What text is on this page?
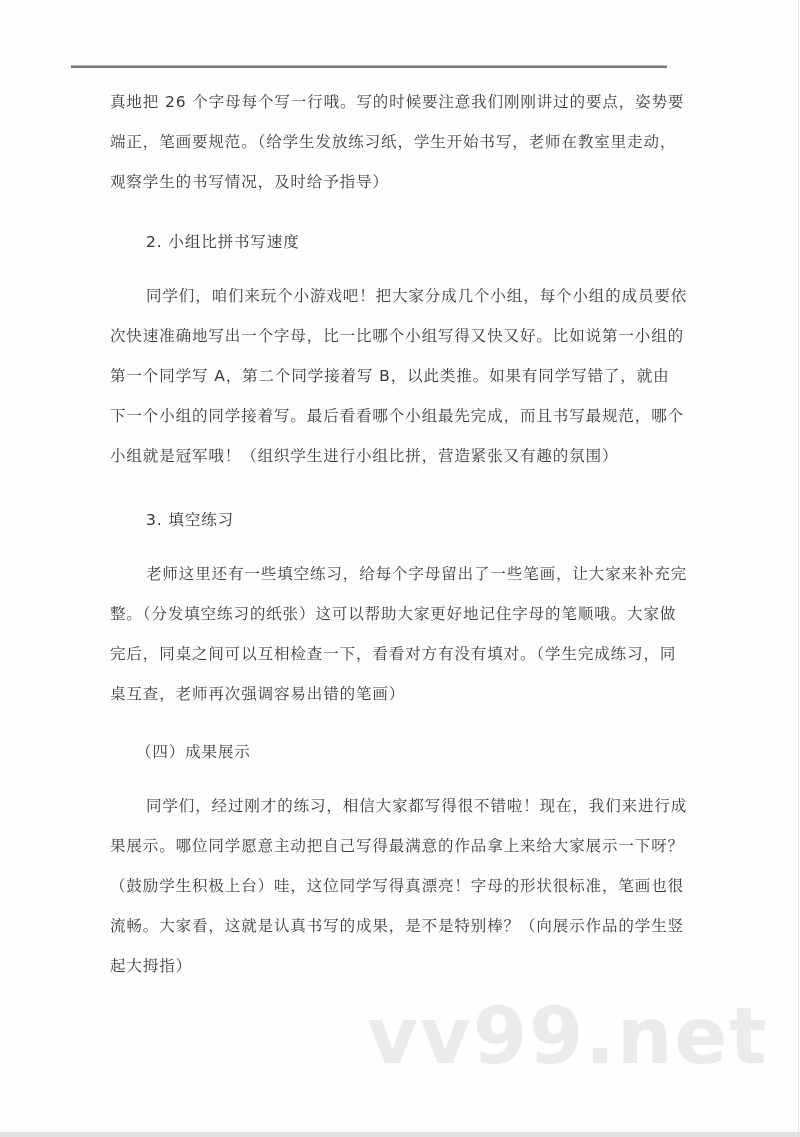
真地把 26 个字母每个写一行哦。写的时候要注意我们刚刚讲过的要点，姿势要
端正，笔画要规范。（给学生发放练习纸，学生开始书写，老师在教室里走动，
观察学生的书写情况，及时给予指导）
2. 小组比拼书写速度
同学们，咱们来玩个小游戏吧！把大家分成几个小组，每个小组的成员要依
次快速准确地写出一个字母，比一比哪个小组写得又快又好。比如说第一小组的
第一个同学写 A，第二个同学接着写 B，以此类推。如果有同学写错了，就由
下一个小组的同学接着写。最后看看哪个小组最先完成，而且书写最规范，哪个
小组就是冠军哦！（组织学生进行小组比拼，营造紧张又有趣的氛围）
3. 填空练习
老师这里还有一些填空练习，给每个字母留出了一些笔画，让大家来补充完
整。（分发填空练习的纸张）这可以帮助大家更好地记住字母的笔顺哦。大家做
完后，同桌之间可以互相检查一下，看看对方有没有填对。（学生完成练习，同
桌互查，老师再次强调容易出错的笔画）
（四）成果展示
同学们，经过刚才的练习，相信大家都写得很不错啦！现在，我们来进行成
果展示。哪位同学愿意主动把自己写得最满意的作品拿上来给大家展示一下呀？
（鼓励学生积极上台）哇，这位同学写得真漂亮！字母的形状很标准，笔画也很
流畅。大家看，这就是认真书写的成果，是不是特别棒？（向展示作品的学生竖
起大拇指）
vv99.net
